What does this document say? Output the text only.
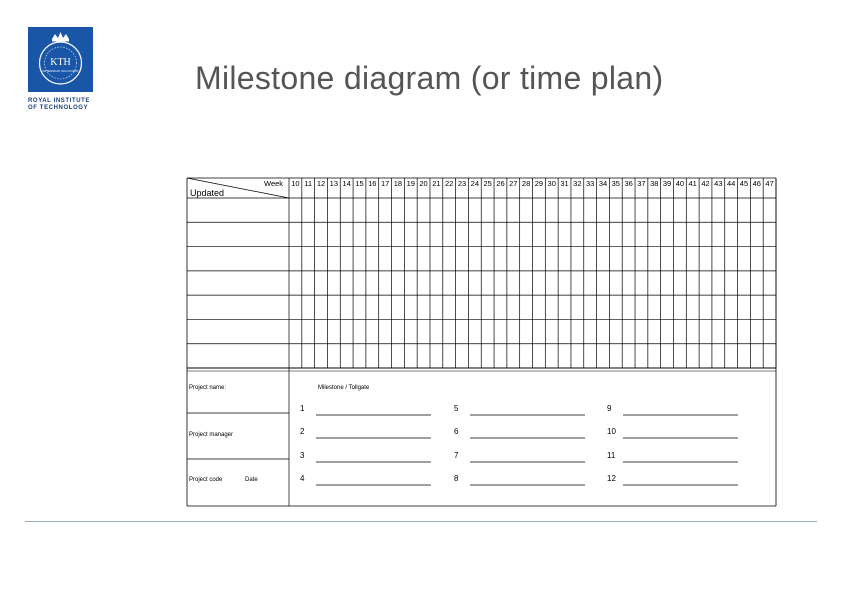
KTH
VETENSKAP OCH KONST
ROYAL INSTITUTE
OF TECHNOLOGY
Milestone diagram (or time plan)
Week
Updated
10 11 12 13 14 15 16 17 18 19 20 21 22 23 24 25 26 27 28 29 30 31 32 33 34 35 36 37 38 39 40 41 42 43 44 45 46 47
Project name:
Project manager
Project code	Date
Milestone / Tollgate
1
2
3
4
5
6
7
8
9
10
11
12
